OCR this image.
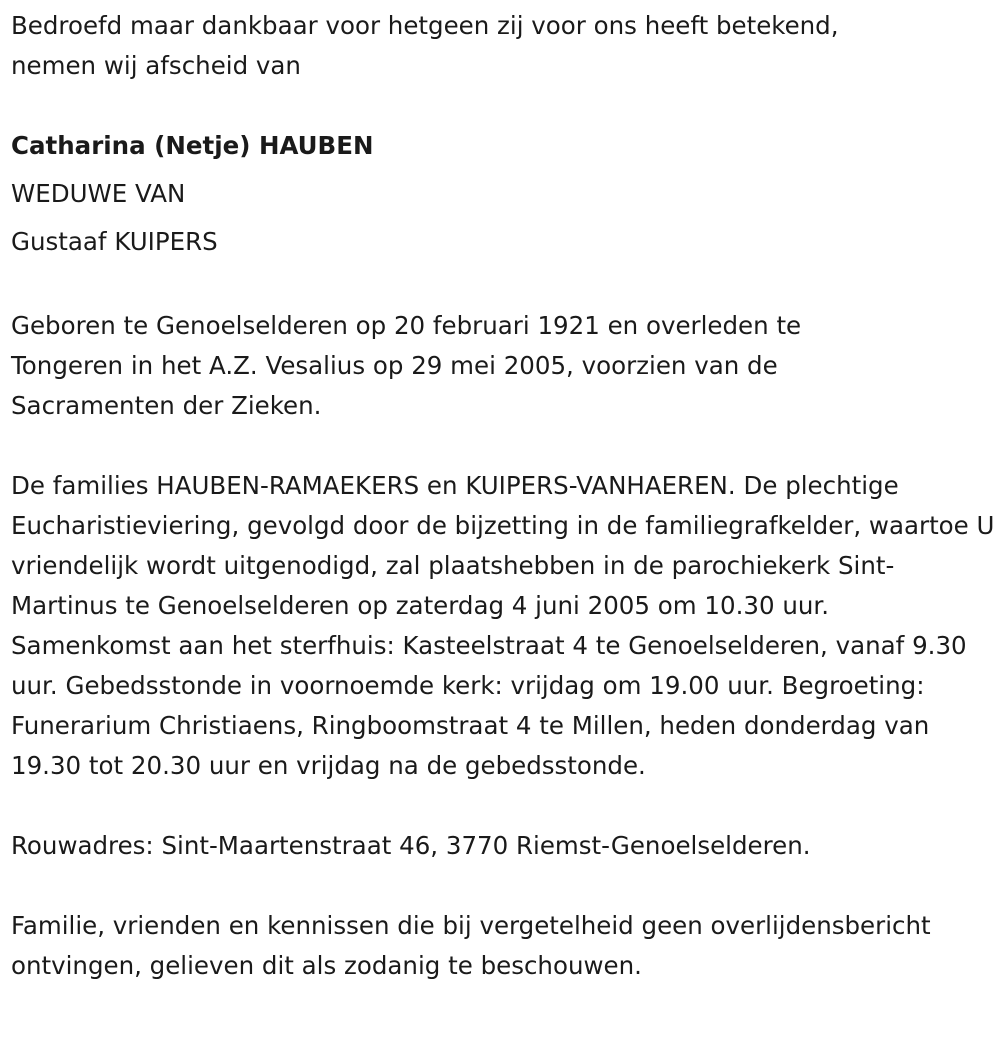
Bedroefd maar dankbaar voor hetgeen zij voor ons heeft betekend, nemen wij afscheid van

Catharina (Netje) HAUBEN

WEDUWE VAN

Gustaaf KUIPERS

Geboren te Genoelselderen op 20 februari 1921 en overleden te Tongeren in het A.Z. Vesalius op 29 mei 2005, voorzien van de Sacramenten der Zieken.

De families HAUBEN-RAMAEKERS en KUIPERS-VANHAEREN. De plechtige Eucharistieviering, gevolgd door de bijzetting in de familiegrafkelder, waartoe U vriendelijk wordt uitgenodigd, zal plaatshebben in de parochiekerk Sint-Martinus te Genoelselderen op zaterdag 4 juni 2005 om 10.30 uur. Samenkomst aan het sterfhuis: Kasteelstraat 4 te Genoelselderen, vanaf 9.30 uur. Gebedsstonde in voornoemde kerk: vrijdag om 19.00 uur. Begroeting: Funerarium Christiaens, Ringboomstraat 4 te Millen, heden donderdag van 19.30 tot 20.30 uur en vrijdag na de gebedsstonde.

Rouwadres: Sint-Maartenstraat 46, 3770 Riemst-Genoelselderen.

Familie, vrienden en kennissen die bij vergetelheid geen overlijdensbericht ontvingen, gelieven dit als zodanig te beschouwen.
